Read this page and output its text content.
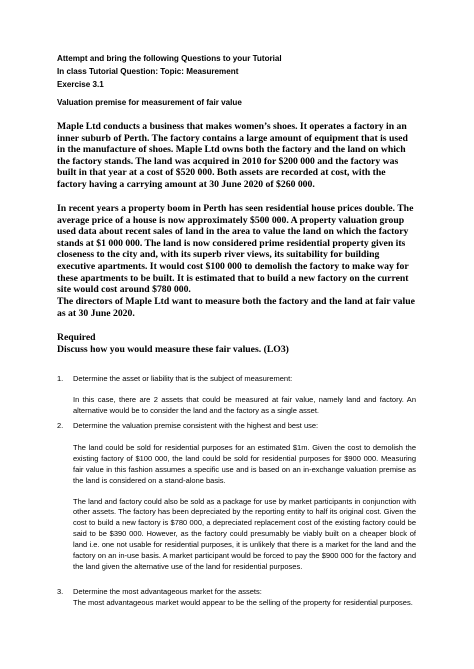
Attempt and bring the following Questions to your Tutorial

In class Tutorial Question: Topic: Measurement

Exercise 3.1

Valuation premise for measurement of fair value

Maple Ltd conducts a business that makes women’s shoes. It operates a factory in an inner suburb of Perth. The factory contains a large amount of equipment that is used in the manufacture of shoes. Maple Ltd owns both the factory and the land on which the factory stands. The land was acquired in 2010 for $200 000 and the factory was built in that year at a cost of $520 000. Both assets are recorded at cost, with the factory having a carrying amount at 30 June 2020 of $260 000.

In recent years a property boom in Perth has seen residential house prices double. The average price of a house is now approximately $500 000. A property valuation group used data about recent sales of land in the area to value the land on which the factory stands at $1 000 000. The land is now considered prime residential property given its closeness to the city and, with its superb river views, its suitability for building executive apartments. It would cost $100 000 to demolish the factory to make way for these apartments to be built. It is estimated that to build a new factory on the current site would cost around $780 000.

The directors of Maple Ltd want to measure both the factory and the land at fair value as at 30 June 2020.

Required

Discuss how you would measure these fair values. (LO3)

1. Determine the asset or liability that is the subject of measurement:

In this case, there are 2 assets that could be measured at fair value, namely land and factory. An alternative would be to consider the land and the factory as a single asset.

2. Determine the valuation premise consistent with the highest and best use:

The land could be sold for residential purposes for an estimated $1m. Given the cost to demolish the existing factory of $100 000, the land could be sold for residential purposes for $900 000. Measuring fair value in this fashion assumes a specific use and is based on an in-exchange valuation premise as the land is considered on a stand-alone basis.

The land and factory could also be sold as a package for use by market participants in conjunction with other assets. The factory has been depreciated by the reporting entity to half its original cost. Given the cost to build a new factory is $780 000, a depreciated replacement cost of the existing factory could be said to be $390 000. However, as the factory could presumably be viably built on a cheaper block of land i.e. one not usable for residential purposes, it is unlikely that there is a market for the land and the factory on an in-use basis. A market participant would be forced to pay the $900 000 for the factory and the land given the alternative use of the land for residential purposes.

3. Determine the most advantageous market for the assets:

The most advantageous market would appear to be the selling of the property for residential purposes.
